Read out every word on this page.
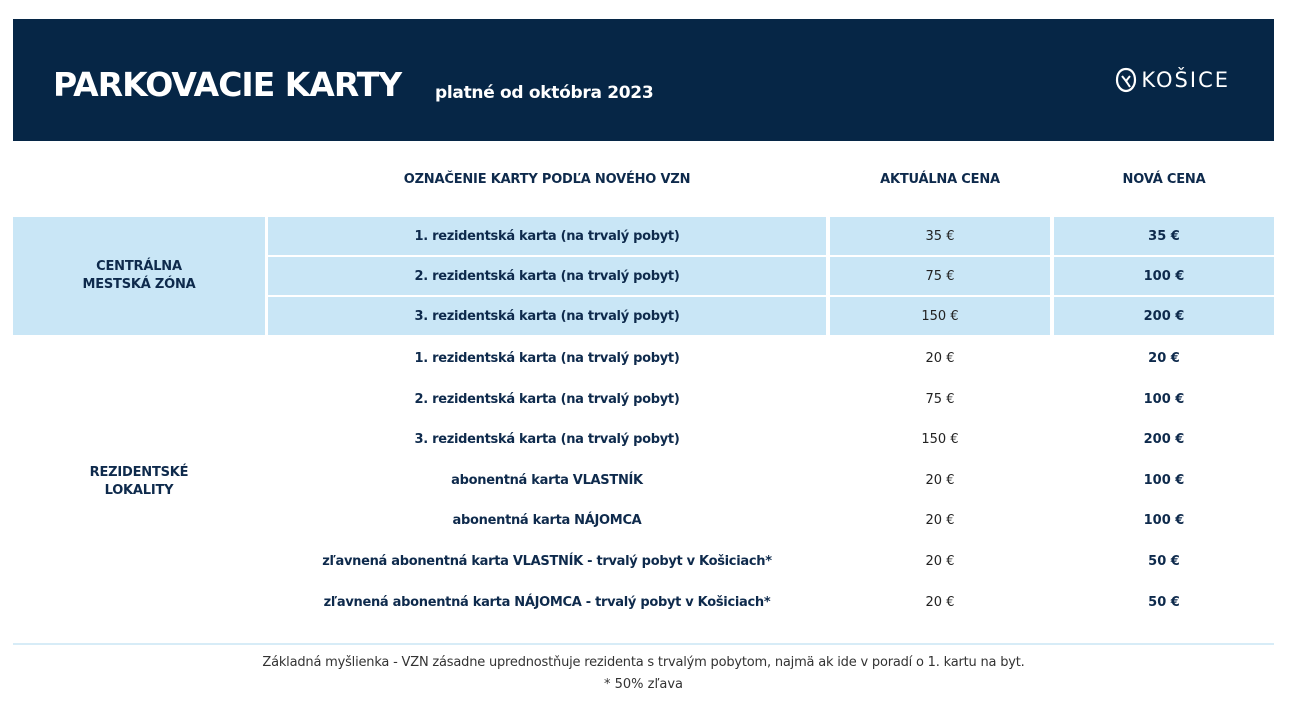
PARKOVACIE KARTY platné od októbra 2023
KOŠICE
OZNAČENIE KARTY PODĽA NOVÉHO VZN	AKTUÁLNA CENA	NOVÁ CENA
CENTRÁLNA
MESTSKÁ ZÓNA
1. rezidentská karta (na trvalý pobyt)	35 €	35 €
2. rezidentská karta (na trvalý pobyt)	75 €	100 €
3. rezidentská karta (na trvalý pobyt)	150 €	200 €
REZIDENTSKÉ
LOKALITY
1. rezidentská karta (na trvalý pobyt)	20 €	20 €
2. rezidentská karta (na trvalý pobyt)	75 €	100 €
3. rezidentská karta (na trvalý pobyt)	150 €	200 €
abonentná karta VLASTNÍK	20 €	100 €
abonentná karta NÁJOMCA	20 €	100 €
zľavnená abonentná karta VLASTNÍK - trvalý pobyt v Košiciach*	20 €	50 €
zľavnená abonentná karta NÁJOMCA - trvalý pobyt v Košiciach*	20 €	50 €
Základná myšlienka - VZN zásadne uprednostňuje rezidenta s trvalým pobytom, najmä ak ide v poradí o 1. kartu na byt.
* 50% zľava
